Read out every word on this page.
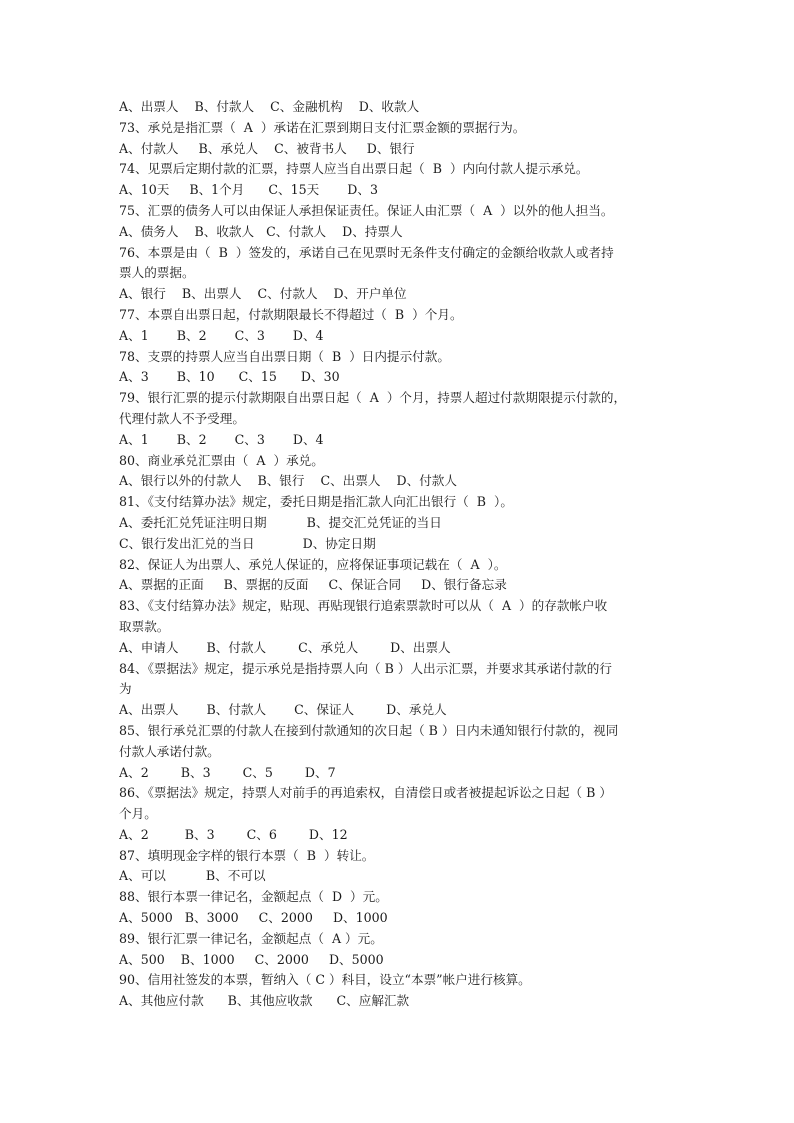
A、出票人    B、付款人    C、金融机构    D、收款人
73、承兑是指汇票（  A  ）承诺在汇票到期日支付汇票金额的票据行为。
A、付款人     B、承兑人    C、被背书人     D、银行
74、见票后定期付款的汇票，持票人应当自出票日起（  B  ）内向付款人提示承兑。
A、10天     B、1个月      C、15天       D、3
75、汇票的债务人可以由保证人承担保证责任。保证人由汇票（  A  ）以外的他人担当。
A、债务人    B、收款人   C、付款人    D、持票人
76、本票是由（  B  ）签发的，承诺自己在见票时无条件支付确定的金额给收款人或者持
票人的票据。
A、银行    B、出票人    C、付款人    D、开户单位
77、本票自出票日起，付款期限最长不得超过（  B  ）个月。
A、1       B、2       C、3       D、4
78、支票的持票人应当自出票日期（  B  ）日内提示付款。
A、3       B、10      C、15      D、30
79、银行汇票的提示付款期限自出票日起（  A  ）个月，持票人超过付款期限提示付款的，
代理付款人不予受理。
A、1       B、2       C、3       D、4
80、商业承兑汇票由（  A  ）承兑。
A、银行以外的付款人    B、银行    C、出票人    D、付款人
81、《支付结算办法》规定，委托日期是指汇款人向汇出银行（  B  ）。
A、委托汇兑凭证注明日期          B、提交汇兑凭证的当日
C、银行发出汇兑的当日            D、协定日期
82、保证人为出票人、承兑人保证的，应将保证事项记载在（  A  ）。
A、票据的正面     B、票据的反面     C、保证合同     D、银行备忘录
83、《支付结算办法》规定，贴现、再贴现银行追索票款时可以从（  A  ）的存款帐户收
取票款。
A、申请人       B、付款人        C、承兑人        D、出票人
84、《票据法》规定，提示承兑是指持票人向（ B ）人出示汇票，并要求其承诺付款的行
为
A、出票人       B、付款人       C、保证人        D、承兑人
85、银行承兑汇票的付款人在接到付款通知的次日起（ B ）日内未通知银行付款的，视同
付款人承诺付款。
A、2        B、3        C、5        D、7
86、《票据法》规定，持票人对前手的再追索权，自清偿日或者被提起诉讼之日起（ B ）
个月。
A、2         B、3        C、6        D、12
87、填明现金字样的银行本票（  B  ）转让。
A、可以          B、不可以
88、银行本票一律记名，金额起点（  D  ）元。
A、5000   B、3000     C、2000     D、1000
89、银行汇票一律记名，金额起点（  A ）元。
A、500    B、1000     C、2000     D、5000
90、信用社签发的本票，暂纳入（ C ）科目，设立“本票”帐户进行核算。
A、其他应付款      B、其他应收款      C、应解汇款
